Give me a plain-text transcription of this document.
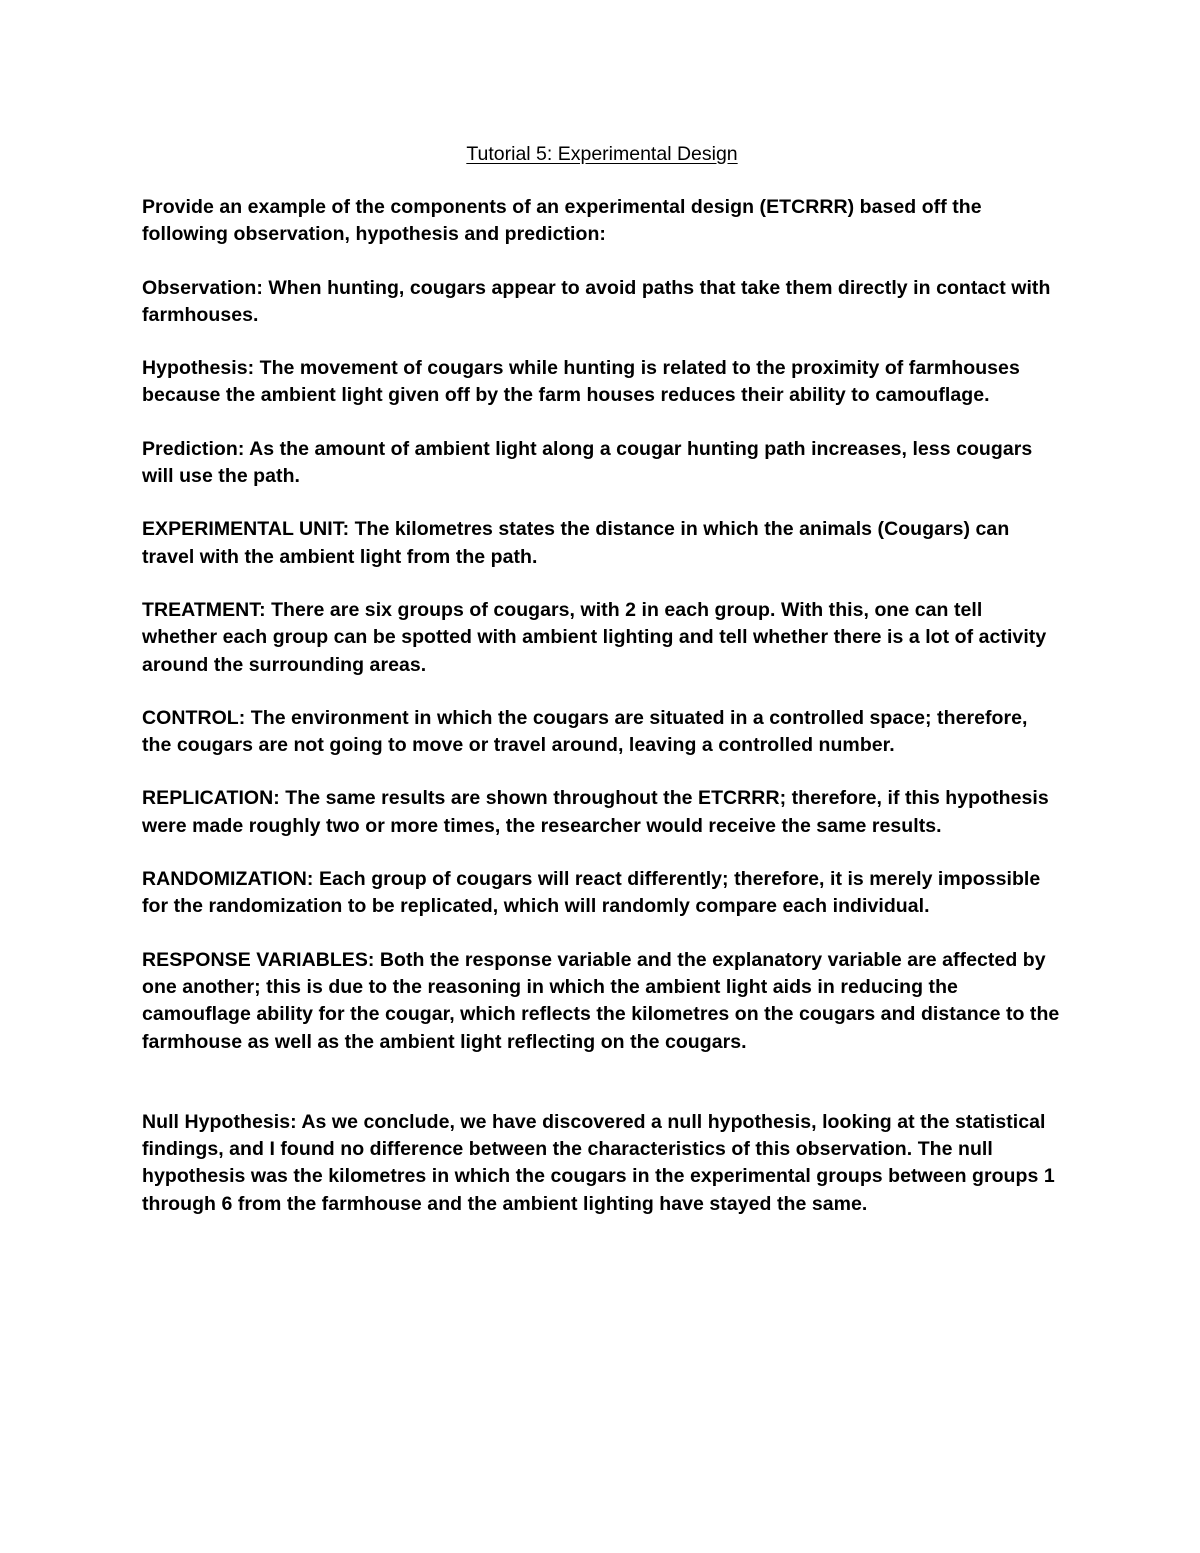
Tutorial 5: Experimental Design

Provide an example of the components of an experimental design (ETCRRR) based off the following observation, hypothesis and prediction:

Observation: When hunting, cougars appear to avoid paths that take them directly in contact with farmhouses.

Hypothesis: The movement of cougars while hunting is related to the proximity of farmhouses because the ambient light given off by the farm houses reduces their ability to camouflage.

Prediction: As the amount of ambient light along a cougar hunting path increases, less cougars will use the path.

EXPERIMENTAL UNIT: The kilometres states the distance in which the animals (Cougars) can travel with the ambient light from the path.

TREATMENT: There are six groups of cougars, with 2 in each group. With this, one can tell whether each group can be spotted with ambient lighting and tell whether there is a lot of activity around the surrounding areas.

CONTROL: The environment in which the cougars are situated in a controlled space; therefore, the cougars are not going to move or travel around, leaving a controlled number.

REPLICATION: The same results are shown throughout the ETCRRR; therefore, if this hypothesis were made roughly two or more times, the researcher would receive the same results.

RANDOMIZATION: Each group of cougars will react differently; therefore, it is merely impossible for the randomization to be replicated, which will randomly compare each individual.

RESPONSE VARIABLES: Both the response variable and the explanatory variable are affected by one another; this is due to the reasoning in which the ambient light aids in reducing the camouflage ability for the cougar, which reflects the kilometres on the cougars and distance to the farmhouse as well as the ambient light reflecting on the cougars.

Null Hypothesis: As we conclude, we have discovered a null hypothesis, looking at the statistical findings, and I found no difference between the characteristics of this observation. The null hypothesis was the kilometres in which the cougars in the experimental groups between groups 1 through 6 from the farmhouse and the ambient lighting have stayed the same.
